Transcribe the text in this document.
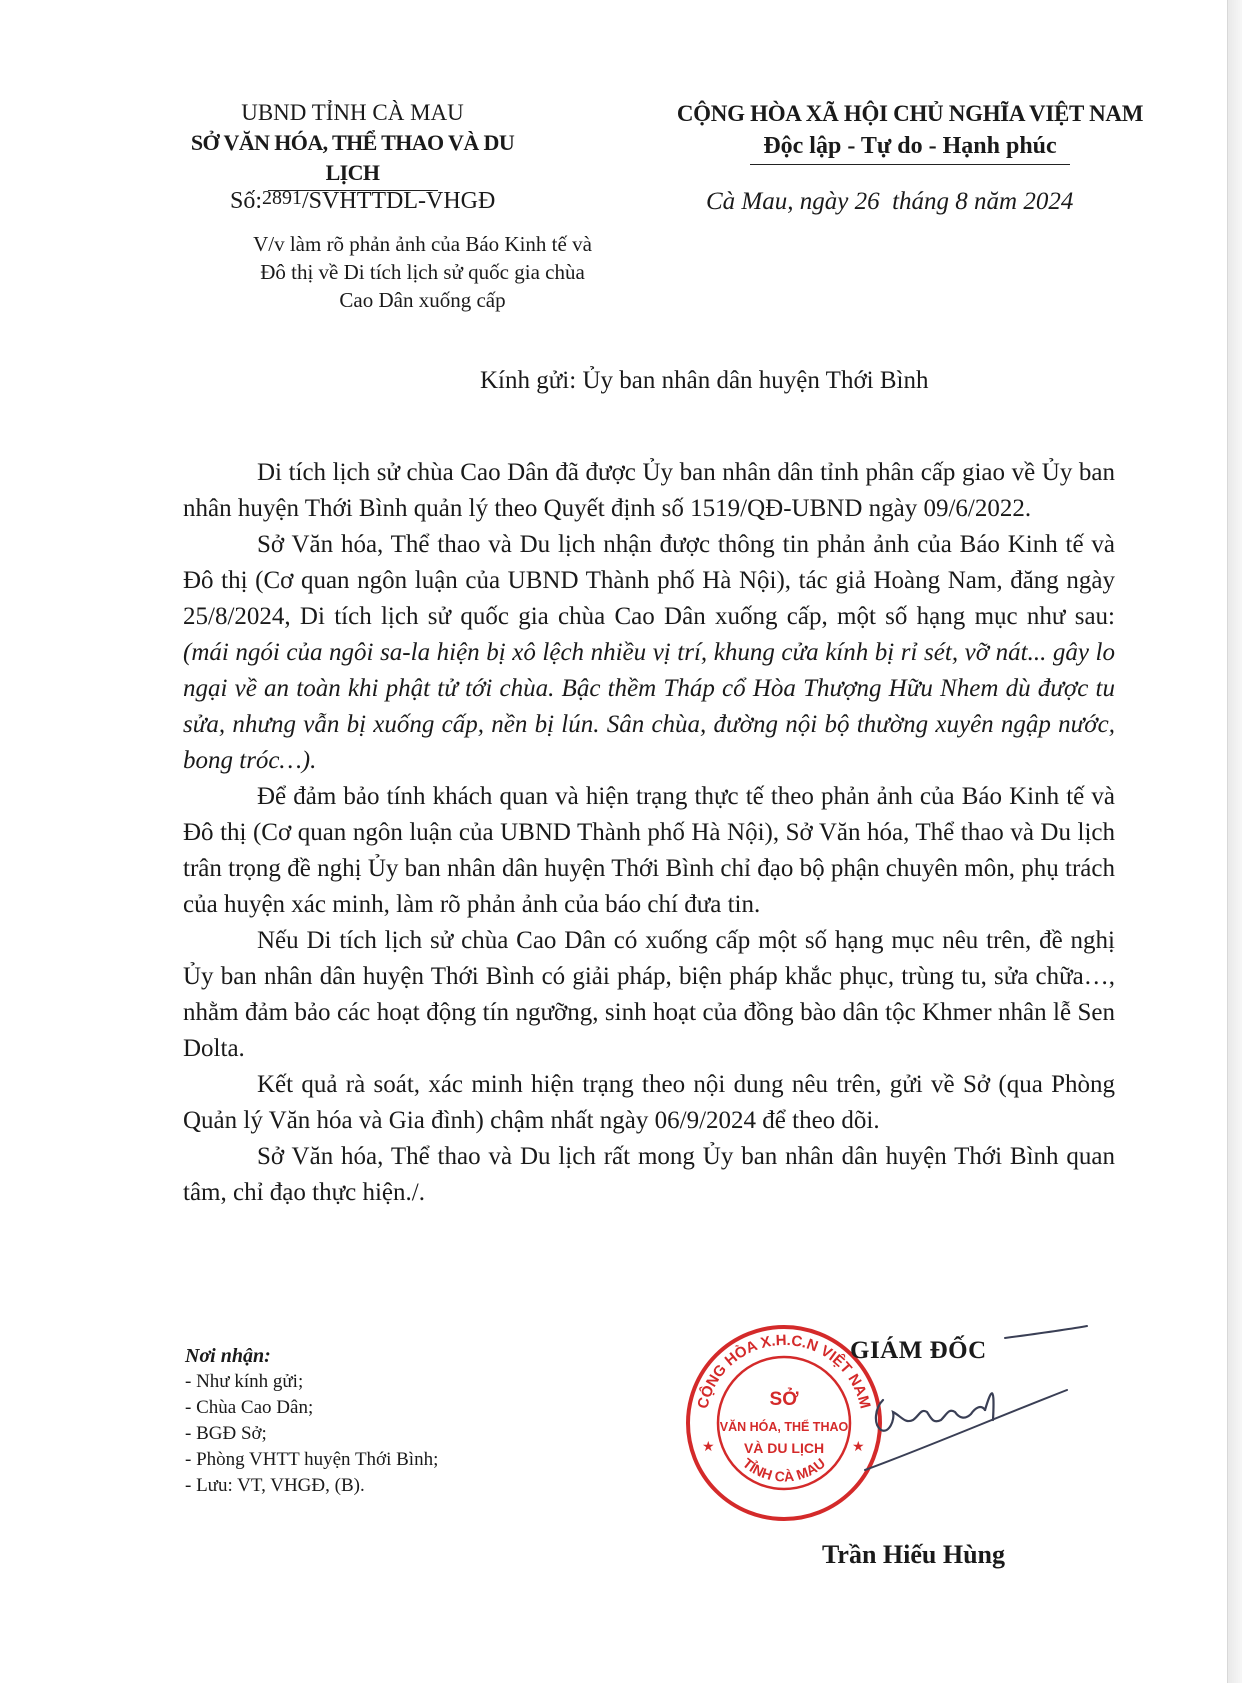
UBND TỈNH CÀ MAU
SỞ VĂN HÓA, THỂ THAO VÀ DU LỊCH
CỘNG HÒA XÃ HỘI CHỦ NGHĨA VIỆT NAM
Độc lập - Tự do - Hạnh phúc
Số:2891/SVHTTDL-VHGĐ	Cà Mau, ngày 26  tháng 8 năm 2024
V/v làm rõ phản ảnh của Báo Kinh tế và
Đô thị về Di tích lịch sử quốc gia chùa
Cao Dân xuống cấp
Kính gửi: Ủy ban nhân dân huyện Thới Bình

Di tích lịch sử chùa Cao Dân đã được Ủy ban nhân dân tỉnh phân cấp giao về Ủy ban nhân huyện Thới Bình quản lý theo Quyết định số 1519/QĐ-UBND ngày 09/6/2022.

Sở Văn hóa, Thể thao và Du lịch nhận được thông tin phản ảnh của Báo Kinh tế và Đô thị (Cơ quan ngôn luận của UBND Thành phố Hà Nội), tác giả Hoàng Nam, đăng ngày 25/8/2024, Di tích lịch sử quốc gia chùa Cao Dân xuống cấp, một số hạng mục như sau: (mái ngói của ngôi sa-la hiện bị xô lệch nhiều vị trí, khung cửa kính bị rỉ sét, vỡ nát... gây lo ngại về an toàn khi phật tử tới chùa. Bậc thềm Tháp cổ Hòa Thượng Hữu Nhem dù được tu sửa, nhưng vẫn bị xuống cấp, nền bị lún. Sân chùa, đường nội bộ thường xuyên ngập nước, bong tróc…).

Để đảm bảo tính khách quan và hiện trạng thực tế theo phản ảnh của Báo Kinh tế và Đô thị (Cơ quan ngôn luận của UBND Thành phố Hà Nội), Sở Văn hóa, Thể thao và Du lịch trân trọng đề nghị Ủy ban nhân dân huyện Thới Bình chỉ đạo bộ phận chuyên môn, phụ trách của huyện xác minh, làm rõ phản ảnh của báo chí đưa tin.

Nếu Di tích lịch sử chùa Cao Dân có xuống cấp một số hạng mục nêu trên, đề nghị Ủy ban nhân dân huyện Thới Bình có giải pháp, biện pháp khắc phục, trùng tu, sửa chữa…, nhằm đảm bảo các hoạt động tín ngưỡng, sinh hoạt của đồng bào dân tộc Khmer nhân lễ Sen Dolta.

Kết quả rà soát, xác minh hiện trạng theo nội dung nêu trên, gửi về Sở (qua Phòng Quản lý Văn hóa và Gia đình) chậm nhất ngày 06/9/2024 để theo dõi.

Sở Văn hóa, Thể thao và Du lịch rất mong Ủy ban nhân dân huyện Thới Bình quan tâm, chỉ đạo thực hiện./.

Nơi nhận:
- Như kính gửi;
- Chùa Cao Dân;
- BGĐ Sở;
- Phòng VHTT huyện Thới Bình;
- Lưu: VT, VHGĐ, (B).
CỘNG HÒA X.H.C.N VIỆT NAM
TỈNH CÀ MAU
★	★
SỞ
VĂN HÓA, THỂ THAO
VÀ DU LỊCH
GIÁM ĐỐC
Trần Hiếu Hùng
